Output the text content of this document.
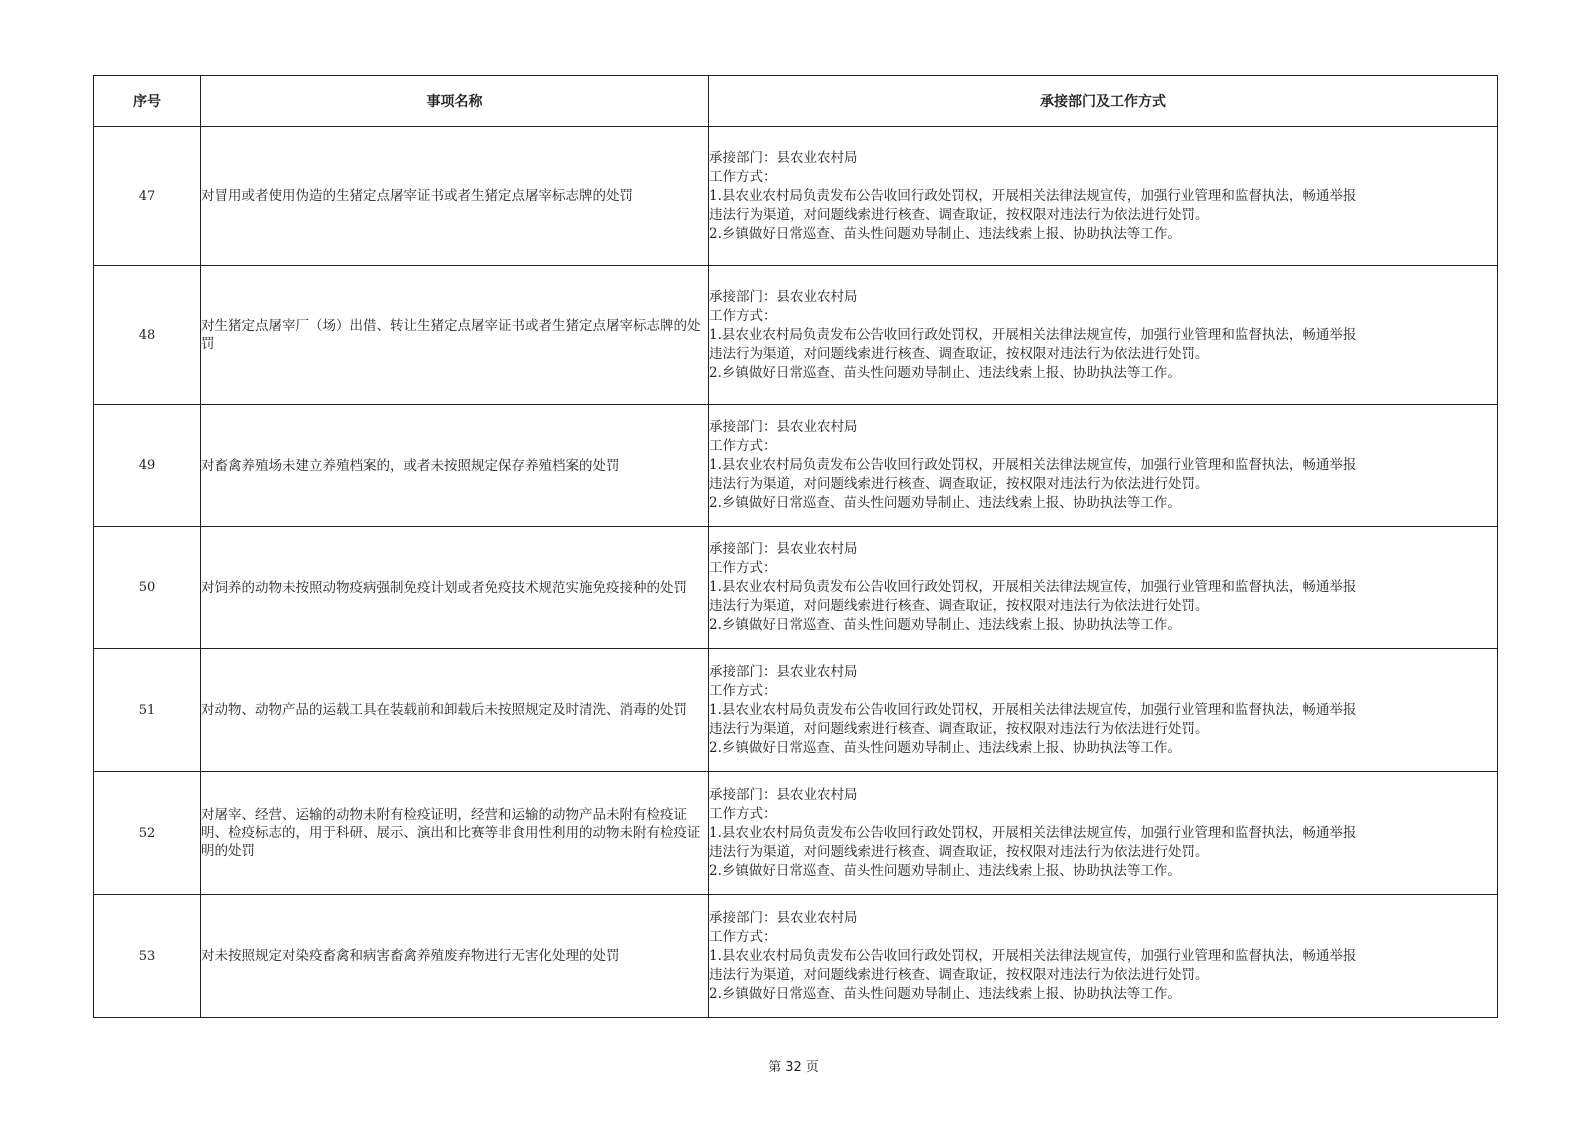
序号	事项名称	承接部门及工作方式
47	对冒用或者使用伪造的生猪定点屠宰证书或者生猪定点屠宰标志牌的处罚	承接部门：县农业农村局
工作方式：
1.县农业农村局负责发布公告收回行政处罚权，开展相关法律法规宣传，加强行业管理和监督执法，畅通举报
违法行为渠道，对问题线索进行核查、调查取证，按权限对违法行为依法进行处罚。
2.乡镇做好日常巡查、苗头性问题劝导制止、违法线索上报、协助执法等工作。

48	对生猪定点屠宰厂（场）出借、转让生猪定点屠宰证书或者生猪定点屠宰标志牌的处罚	承接部门：县农业农村局
工作方式：
1.县农业农村局负责发布公告收回行政处罚权，开展相关法律法规宣传，加强行业管理和监督执法，畅通举报
违法行为渠道，对问题线索进行核查、调查取证，按权限对违法行为依法进行处罚。
2.乡镇做好日常巡查、苗头性问题劝导制止、违法线索上报、协助执法等工作。

49	对畜禽养殖场未建立养殖档案的，或者未按照规定保存养殖档案的处罚	承接部门：县农业农村局
工作方式：
1.县农业农村局负责发布公告收回行政处罚权，开展相关法律法规宣传，加强行业管理和监督执法，畅通举报
违法行为渠道，对问题线索进行核查、调查取证，按权限对违法行为依法进行处罚。
2.乡镇做好日常巡查、苗头性问题劝导制止、违法线索上报、协助执法等工作。

50	对饲养的动物未按照动物疫病强制免疫计划或者免疫技术规范实施免疫接种的处罚	承接部门：县农业农村局
工作方式：
1.县农业农村局负责发布公告收回行政处罚权，开展相关法律法规宣传，加强行业管理和监督执法，畅通举报
违法行为渠道，对问题线索进行核查、调查取证，按权限对违法行为依法进行处罚。
2.乡镇做好日常巡查、苗头性问题劝导制止、违法线索上报、协助执法等工作。

51	对动物、动物产品的运载工具在装载前和卸载后未按照规定及时清洗、消毒的处罚	承接部门：县农业农村局
工作方式：
1.县农业农村局负责发布公告收回行政处罚权，开展相关法律法规宣传，加强行业管理和监督执法，畅通举报
违法行为渠道，对问题线索进行核查、调查取证，按权限对违法行为依法进行处罚。
2.乡镇做好日常巡查、苗头性问题劝导制止、违法线索上报、协助执法等工作。

52	对屠宰、经营、运输的动物未附有检疫证明，经营和运输的动物产品未附有检疫证明、检疫标志的，用于科研、展示、演出和比赛等非食用性利用的动物未附有检疫证明的处罚	承接部门：县农业农村局
工作方式：
1.县农业农村局负责发布公告收回行政处罚权，开展相关法律法规宣传，加强行业管理和监督执法，畅通举报
违法行为渠道，对问题线索进行核查、调查取证，按权限对违法行为依法进行处罚。
2.乡镇做好日常巡查、苗头性问题劝导制止、违法线索上报、协助执法等工作。

53	对未按照规定对染疫畜禽和病害畜禽养殖废弃物进行无害化处理的处罚	承接部门：县农业农村局
工作方式：
1.县农业农村局负责发布公告收回行政处罚权，开展相关法律法规宣传，加强行业管理和监督执法，畅通举报
违法行为渠道，对问题线索进行核查、调查取证，按权限对违法行为依法进行处罚。
2.乡镇做好日常巡查、苗头性问题劝导制止、违法线索上报、协助执法等工作。
第 32 页
